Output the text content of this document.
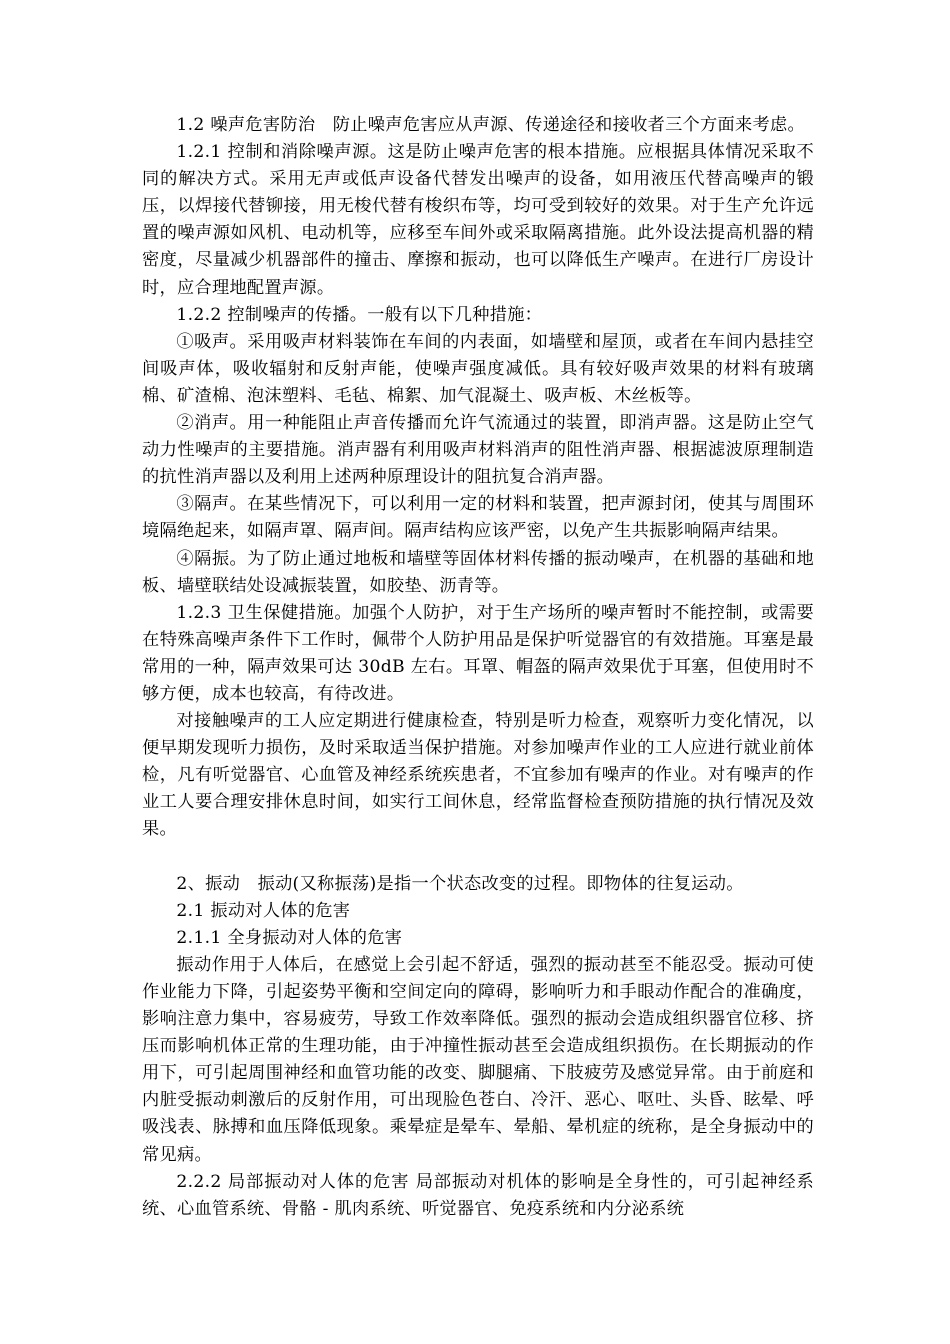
1.2 噪声危害防治　防止噪声危害应从声源、传递途径和接收者三个方面来考虑。

1.2.1 控制和消除噪声源。这是防止噪声危害的根本措施。应根据具体情况采取不同的解决方式。采用无声或低声设备代替发出噪声的设备，如用液压代替高噪声的锻压，以焊接代替铆接，用无梭代替有梭织布等，均可受到较好的效果。对于生产允许远置的噪声源如风机、电动机等，应移至车间外或采取隔离措施。此外设法提高机器的精密度，尽量减少机器部件的撞击、摩擦和振动，也可以降低生产噪声。在进行厂房设计时，应合理地配置声源。

1.2.2 控制噪声的传播。一般有以下几种措施：

①吸声。采用吸声材料装饰在车间的内表面，如墙壁和屋顶，或者在车间内悬挂空间吸声体，吸收辐射和反射声能，使噪声强度减低。具有较好吸声效果的材料有玻璃棉、矿渣棉、泡沫塑料、毛毡、棉絮、加气混凝土、吸声板、木丝板等。

②消声。用一种能阻止声音传播而允许气流通过的装置，即消声器。这是防止空气动力性噪声的主要措施。消声器有利用吸声材料消声的阻性消声器、根据滤波原理制造的抗性消声器以及利用上述两种原理设计的阻抗复合消声器。

③隔声。在某些情况下，可以利用一定的材料和装置，把声源封闭，使其与周围环境隔绝起来，如隔声罩、隔声间。隔声结构应该严密，以免产生共振影响隔声结果。

④隔振。为了防止通过地板和墙壁等固体材料传播的振动噪声，在机器的基础和地板、墙壁联结处设减振装置，如胶垫、沥青等。

1.2.3 卫生保健措施。加强个人防护，对于生产场所的噪声暂时不能控制，或需要在特殊高噪声条件下工作时，佩带个人防护用品是保护听觉器官的有效措施。耳塞是最常用的一种，隔声效果可达 30dB 左右。耳罩、帽盔的隔声效果优于耳塞，但使用时不够方便，成本也较高，有待改进。

对接触噪声的工人应定期进行健康检查，特别是听力检查，观察听力变化情况，以便早期发现听力损伤，及时采取适当保护措施。对参加噪声作业的工人应进行就业前体检，凡有听觉器官、心血管及神经系统疾患者，不宜参加有噪声的作业。对有噪声的作业工人要合理安排休息时间，如实行工间休息，经常监督检查预防措施的执行情况及效果。

2、振动　振动(又称振荡)是指一个状态改变的过程。即物体的往复运动。

2.1 振动对人体的危害

2.1.1 全身振动对人体的危害

振动作用于人体后，在感觉上会引起不舒适，强烈的振动甚至不能忍受。振动可使作业能力下降，引起姿势平衡和空间定向的障碍，影响听力和手眼动作配合的准确度，影响注意力集中，容易疲劳，导致工作效率降低。强烈的振动会造成组织器官位移、挤压而影响机体正常的生理功能，由于冲撞性振动甚至会造成组织损伤。在长期振动的作用下，可引起周围神经和血管功能的改变、脚腿痛、下肢疲劳及感觉异常。由于前庭和内脏受振动刺激后的反射作用，可出现脸色苍白、冷汗、恶心、呕吐、头昏、眩晕、呼吸浅表、脉搏和血压降低现象。乘晕症是晕车、晕船、晕机症的统称，是全身振动中的常见病。

2.2.2 局部振动对人体的危害 局部振动对机体的影响是全身性的，可引起神经系统、心血管系统、骨骼 - 肌肉系统、听觉器官、免疫系统和内分泌系统
